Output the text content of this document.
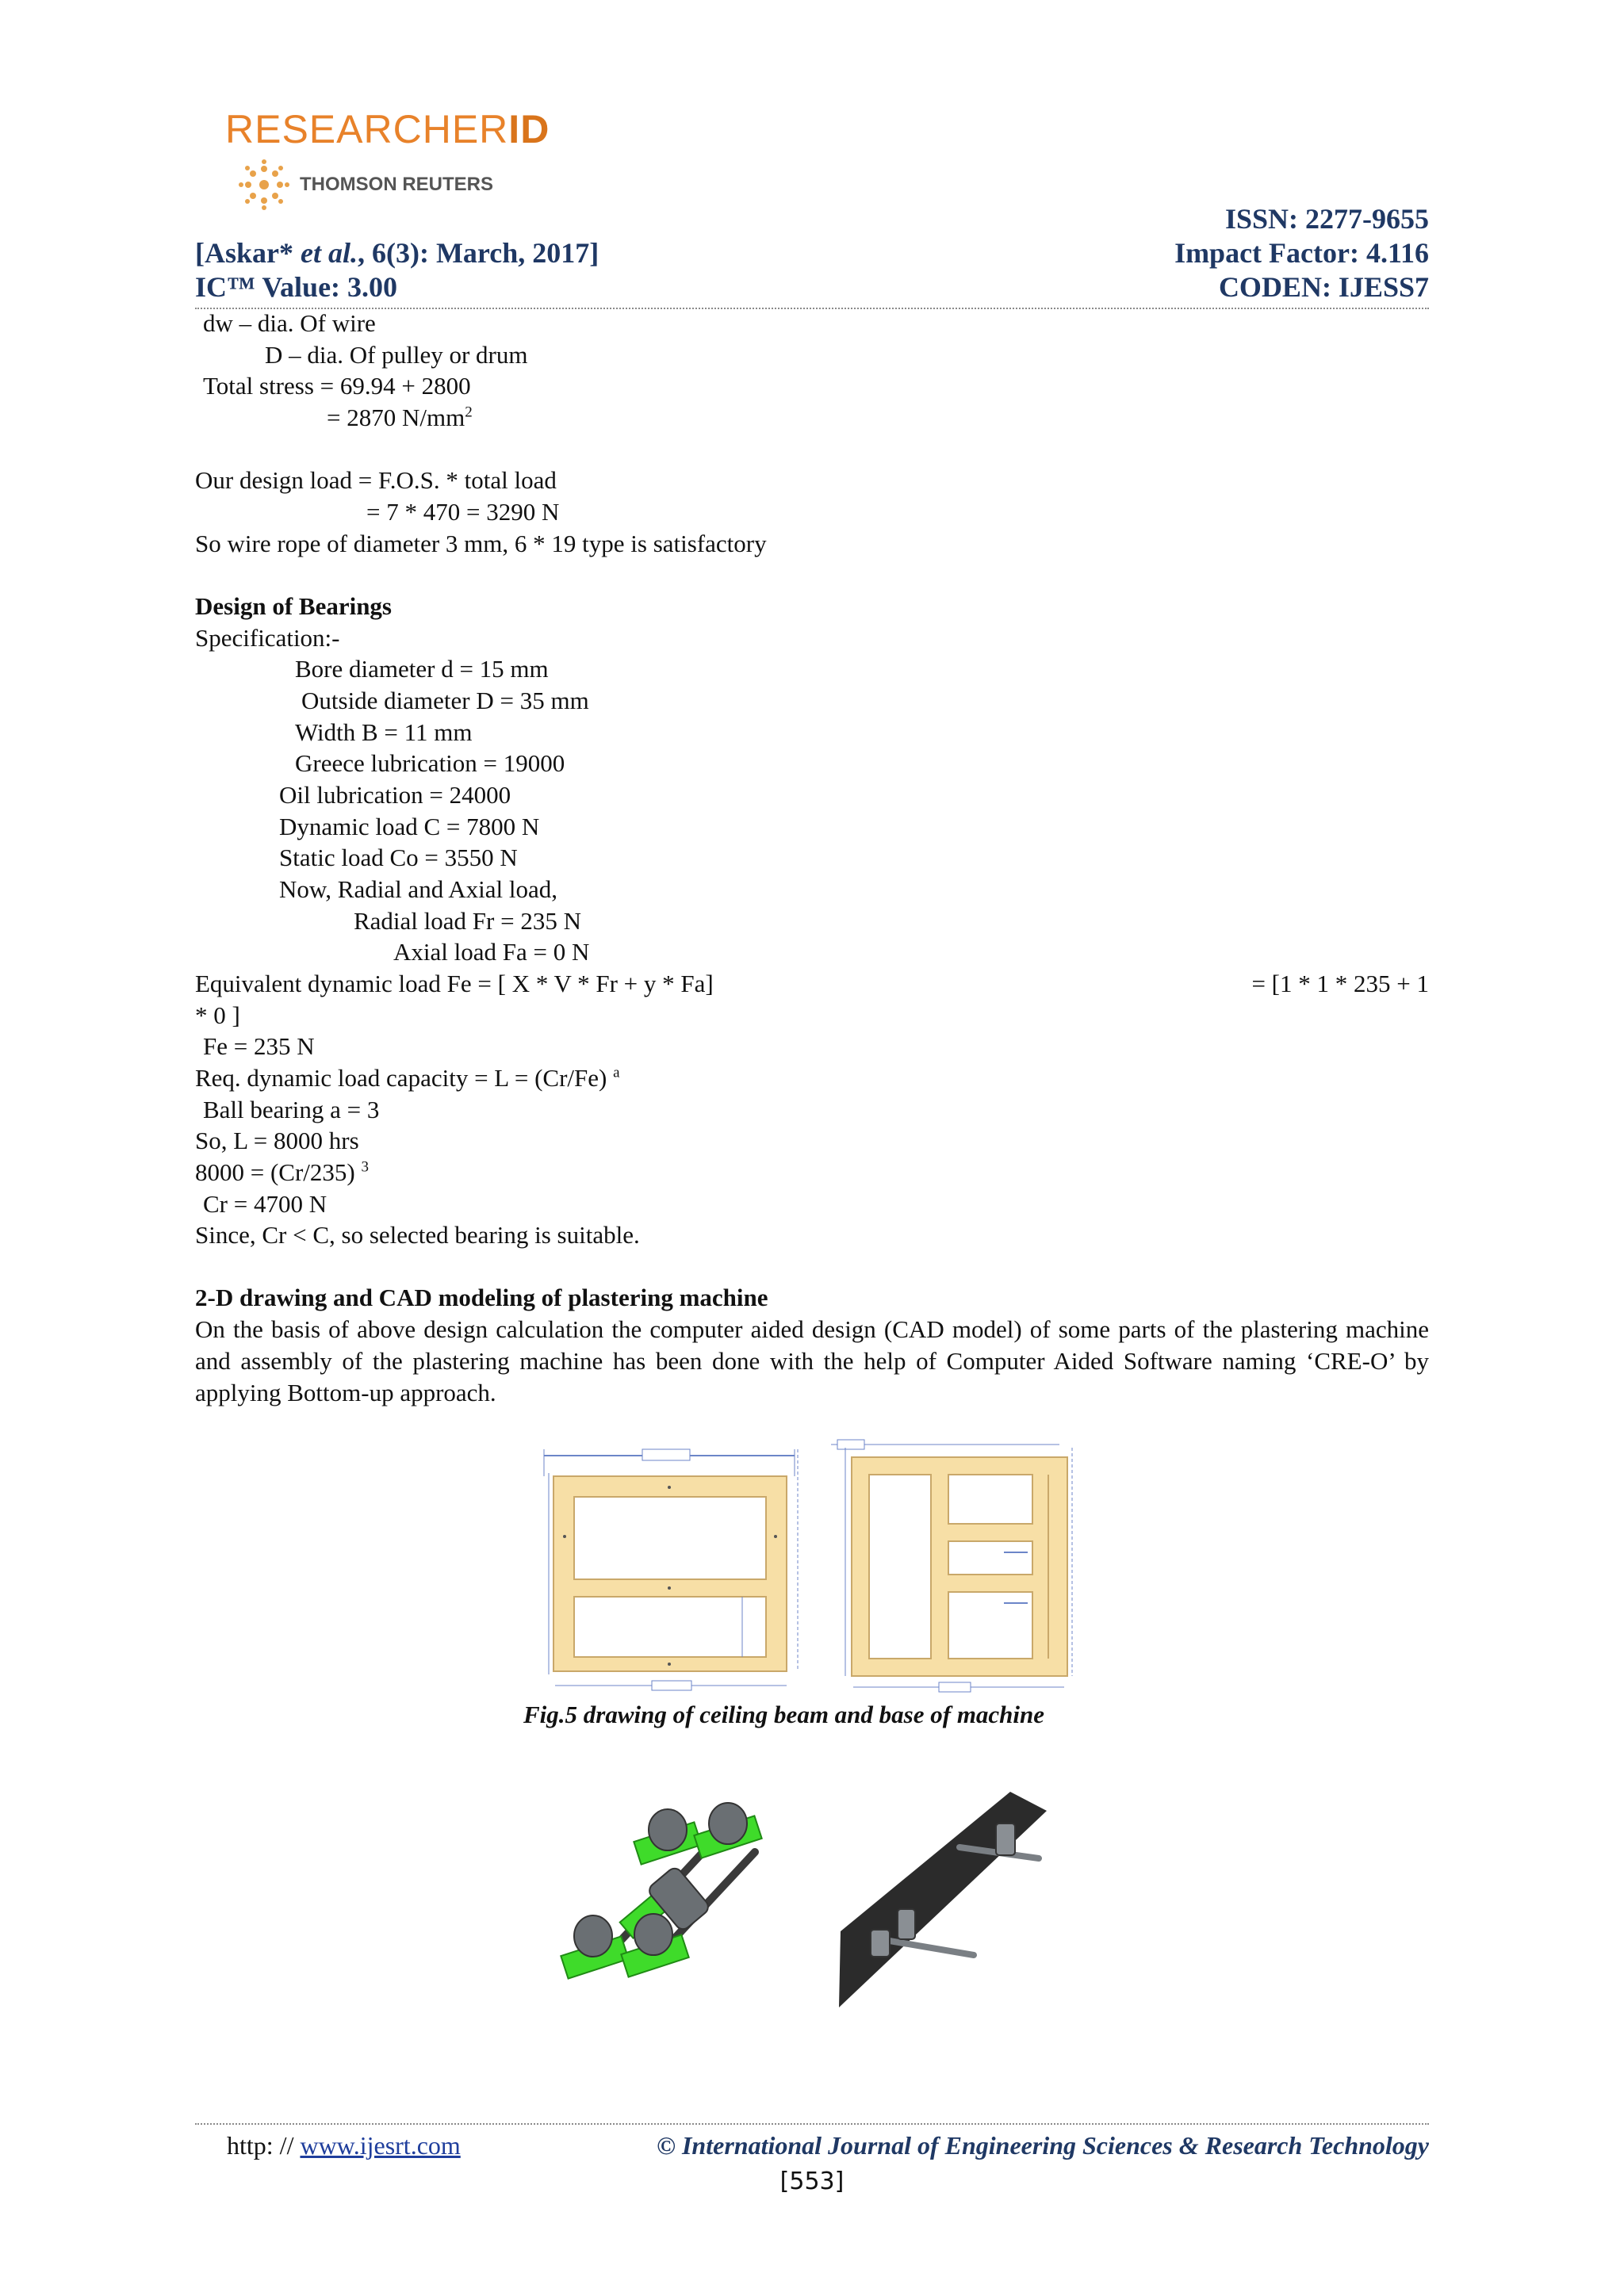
RESEARCHERID
THOMSON REUTERS
ISSN: 2277-9655
[Askar* et al., 6(3): March, 2017]	Impact Factor: 4.116
IC™ Value: 3.00	CODEN: IJESS7
dw – dia. Of wire
D – dia. Of pulley or drum
Total stress = 69.94 + 2800
= 2870 $N/mm^2$
Our design load = F.O.S. * total load
= 7 * 470 = 3290 N
So wire rope of diameter 3 mm, 6 * 19 type is satisfactory
Design of Bearings
Specification:-
Bore diameter d = 15 mm
Outside diameter D = 35 mm
Width B = 11 mm
Greece lubrication = 19000
Oil lubrication = 24000
Dynamic load C = 7800 N
Static load Co = 3550 N
Now, Radial and Axial load,
Radial load Fr = 235 N
Axial load Fa = 0 N
Equivalent dynamic load Fe = [ X * V * Fr + y * Fa]	= [1 * 1 * 235 + 1
* 0 ]
Fe = 235 N
Req. dynamic load capacity = L = (Cr/Fe) $^a$
Ball bearing a = 3
So, L = 8000 hrs
8000 = (Cr/235) $^3$
Cr = 4700 N
Since, Cr < C, so selected bearing is suitable.
2-D drawing and CAD modeling of plastering machine
On the basis of above design calculation the computer aided design (CAD model) of some parts of the plastering machine and assembly of the plastering machine has been done with the help of Computer Aided Software naming ‘CRE-O’ by applying Bottom-up approach.
Fig.5 drawing of ceiling beam and base of machine
http: // www.ijesrt.com	© International Journal of Engineering Sciences & Research Technology
[553]
